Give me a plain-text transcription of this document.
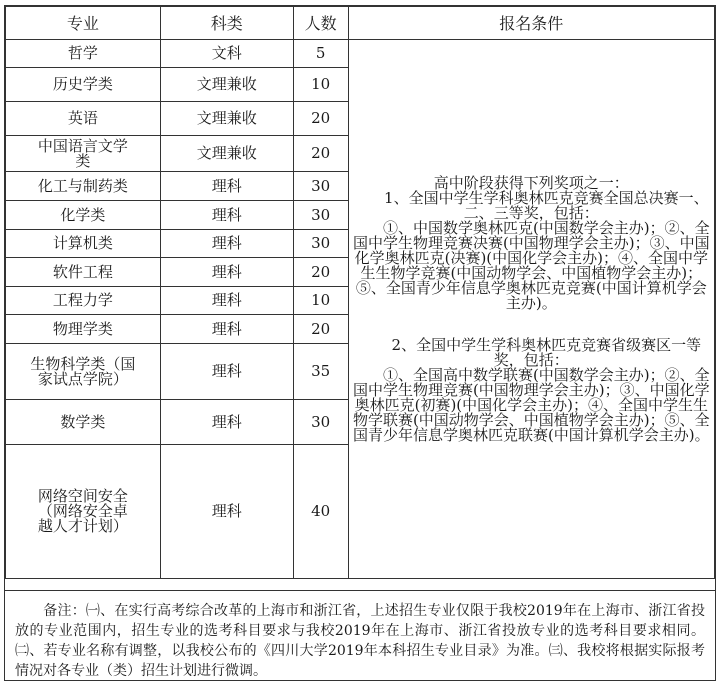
专业	科类	人数	报名条件
哲学	文科	5	高中阶段获得下列奖项之一：

1、全国中学生学科奥林匹克竞赛全国总决赛一、二、三等奖，包括：

①、中国数学奥林匹克(中国数学会主办)；②、全国中学生物理竞赛决赛(中国物理学会主办)；③、中国化学奥林匹克(决赛)(中国化学会主办)；④、全国中学生生物学竞赛(中国动物学会、中国植物学会主办)；⑤、全国青少年信息学奥林匹克竞赛(中国计算机学会主办)。

2、全国中学生学科奥林匹克竞赛省级赛区一等奖，包括：

①、全国高中数学联赛(中国数学会主办)；②、全国中学生物理竞赛(中国物理学会主办)；③、中国化学奥林匹克(初赛)(中国化学会主办)；④、全国中学生生物学联赛(中国动物学会、中国植物学会主办)；⑤、全国青少年信息学奥林匹克联赛(中国计算机学会主办)。

历史学类	文理兼收	10	
英语	文理兼收	20	
中国语言文学类	文理兼收	20	
化工与制药类	理科	30	
化学类	理科	30	
计算机类	理科	30	
软件工程	理科	20	
工程力学	理科	10	
物理学类	理科	20	
生物科学类（国家试点学院）	理科	35	
数学类	理科	30	
网络空间安全（网络安全卓越人才计划）	理科	40	
备注：㈠、在实行高考综合改革的上海市和浙江省，上述招生专业仅限于我校2019年在上海市、浙江省投放的专业范围内，招生专业的选考科目要求与我校2019年在上海市、浙江省投放专业的选考科目要求相同。㈡、若专业名称有调整，以我校公布的《四川大学2019年本科招生专业目录》为准。㈢、我校将根据实际报考情况对各专业（类）招生计划进行微调。
